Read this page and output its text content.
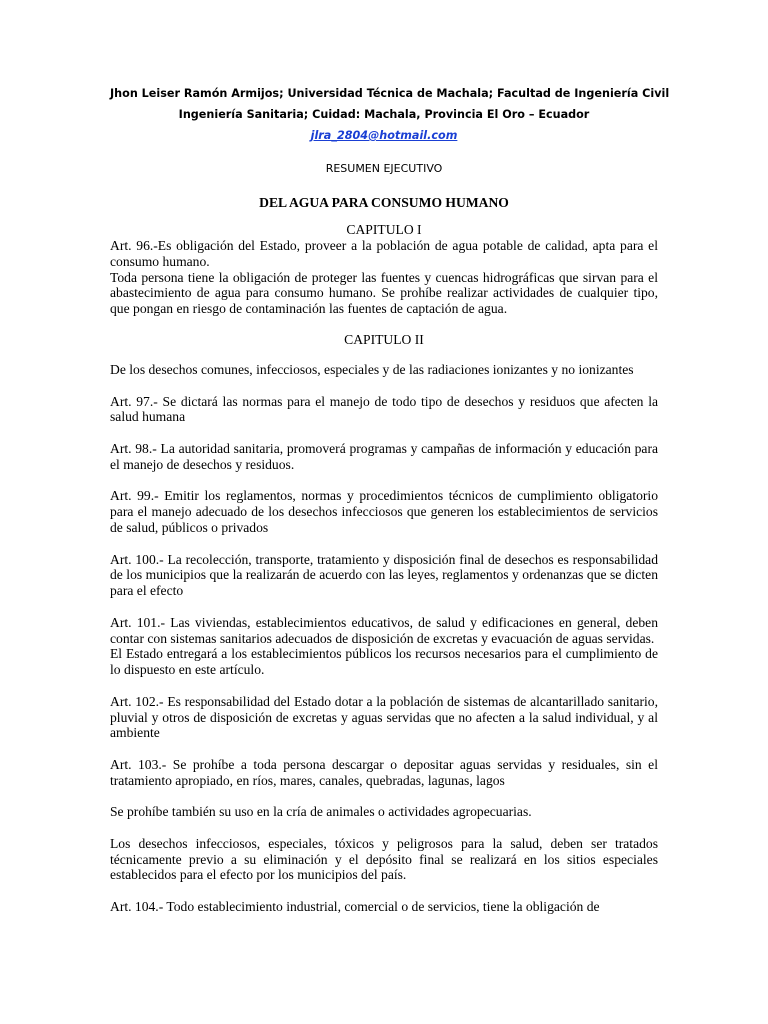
Jhon Leiser Ramón Armijos; Universidad Técnica de Machala; Facultad de Ingeniería Civil
Ingeniería Sanitaria; Cuidad: Machala, Provincia El Oro – Ecuador
jlra_2804@hotmail.com
RESUMEN EJECUTIVO
DEL AGUA PARA CONSUMO HUMANO
CAPITULO I

Art. 96.-Es obligación del Estado, proveer a la población de agua potable de calidad, apta para el consumo humano.

Toda persona tiene la obligación de proteger las fuentes y cuencas hidrográficas que sirvan para el abastecimiento de agua para consumo humano. Se prohíbe realizar actividades de cualquier tipo, que pongan en riesgo de contaminación las fuentes de captación de agua.

CAPITULO II

De los desechos comunes, infecciosos, especiales y de las radiaciones ionizantes y no ionizantes

Art. 97.- Se dictará las normas para el manejo de todo tipo de desechos y residuos que afecten la salud humana

Art. 98.- La autoridad sanitaria, promoverá programas y campañas de información y educación para el manejo de desechos y residuos.

Art. 99.- Emitir los reglamentos, normas y procedimientos técnicos de cumplimiento obligatorio para el manejo adecuado de los desechos infecciosos que generen los establecimientos de servicios de salud, públicos o privados

Art. 100.- La recolección, transporte, tratamiento y disposición final de desechos es responsabilidad de los municipios que la realizarán de acuerdo con las leyes, reglamentos y ordenanzas que se dicten para el efecto

Art. 101.- Las viviendas, establecimientos educativos, de salud y edificaciones en general, deben contar con sistemas sanitarios adecuados de disposición de excretas y evacuación de aguas servidas.

El Estado entregará a los establecimientos públicos los recursos necesarios para el cumplimiento de lo dispuesto en este artículo.

Art. 102.- Es responsabilidad del Estado dotar a la población de sistemas de alcantarillado sanitario, pluvial y otros de disposición de excretas y aguas servidas que no afecten a la salud individual, y al ambiente

Art. 103.- Se prohíbe a toda persona descargar o depositar aguas servidas y residuales, sin el tratamiento apropiado, en ríos, mares, canales, quebradas, lagunas, lagos

Se prohíbe también su uso en la cría de animales o actividades agropecuarias.

Los desechos infecciosos, especiales, tóxicos y peligrosos para la salud, deben ser tratados técnicamente previo a su eliminación y el depósito final se realizará en los sitios especiales establecidos para el efecto por los municipios del país.

Art. 104.- Todo establecimiento industrial, comercial o de servicios, tiene la obligación de
